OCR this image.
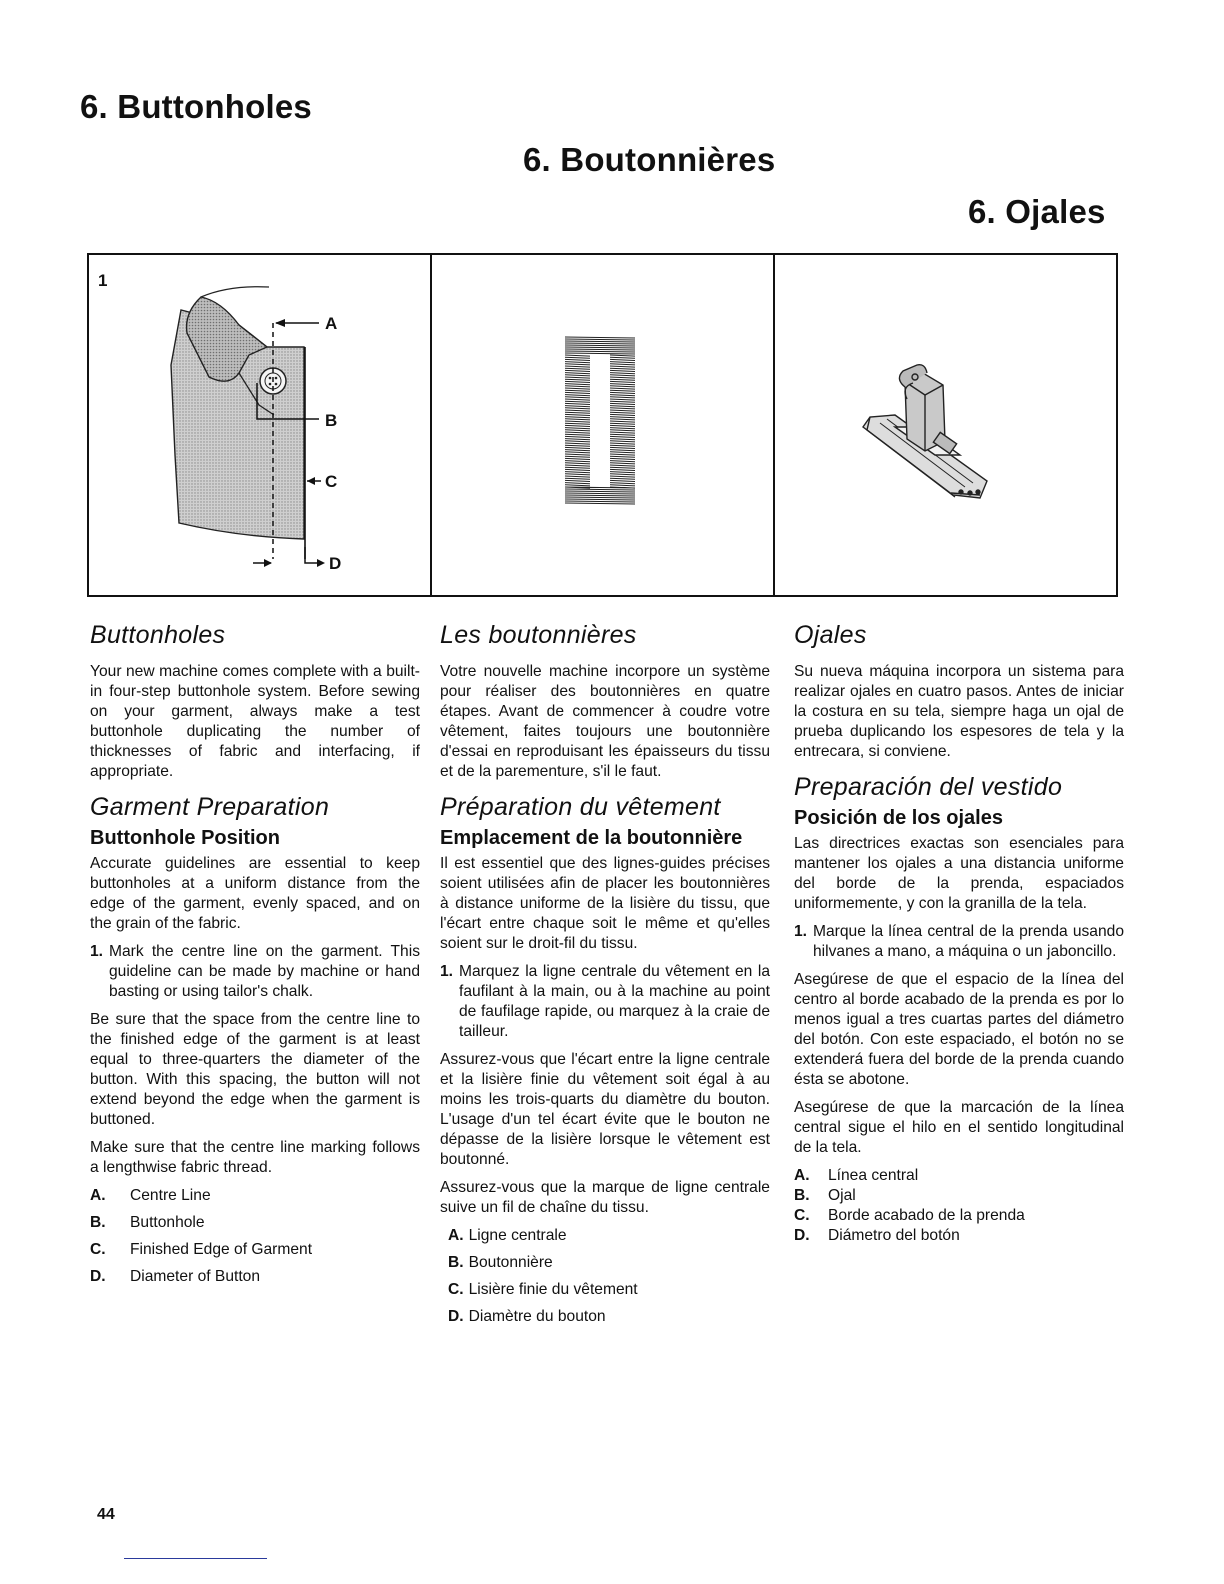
6. Buttonholes
6. Boutonnières
6. Ojales
1
A
B
C
D
Buttonholes

Your new machine comes complete with a built-in four-step buttonhole system. Before sewing on your garment, always make a test buttonhole duplicating the number of thicknesses of fabric and interfacing, if appropriate.

Garment Preparation
Buttonhole Position

Accurate guidelines are essential to keep buttonholes at a uniform distance from the edge of the garment, evenly spaced, and on the grain of the fabric.

1. Mark the centre line on the garment. This guideline can be made by machine or hand basting or using tailor's chalk.

Be sure that the space from the centre line to the finished edge of the garment is at least equal to three-quarters the diameter of the button. With this spacing, the button will not extend beyond the edge when the garment is buttoned.

Make sure that the centre line marking follows a lengthwise fabric thread.

A.	Centre Line
B.	Buttonhole
C.	Finished Edge of Garment
D.	Diameter of Button
Les boutonnières

Votre nouvelle machine incorpore un système pour réaliser des boutonnières en quatre étapes. Avant de commencer à coudre votre vêtement, faites toujours une boutonnière d'essai en reproduisant les épaisseurs du tissu et de la parementure, s'il le faut.

Préparation du vêtement
Emplacement de la boutonnière

Il est essentiel que des lignes-guides précises soient utilisées afin de placer les boutonnières à distance uniforme de la lisière du tissu, que l'écart entre chaque soit le même et qu'elles soient sur le droit-fil du tissu.

1. Marquez la ligne centrale du vêtement en la faufilant à la main, ou à la machine au point de faufilage rapide, ou marquez à la craie de tailleur.

Assurez-vous que l'écart entre la ligne centrale et la lisière finie du vêtement soit égal à au moins les trois-quarts du diamètre du bouton. L'usage d'un tel écart évite que le bouton ne dépasse de la lisière lorsque le vêtement est boutonné.

Assurez-vous que la marque de ligne centrale suive un fil de chaîne du tissu.

A. Ligne centrale
B. Boutonnière
C. Lisière finie du vêtement
D. Diamètre du bouton
Ojales

Su nueva máquina incorpora un sistema para realizar ojales en cuatro pasos. Antes de iniciar la costura en su tela, siempre haga un ojal de prueba duplicando los espesores de tela y la entrecara, si conviene.

Preparación del vestido
Posición de los ojales

Las directrices exactas son esenciales para mantener los ojales a una distancia uniforme del borde de la prenda, espaciados uniformemente, y con la granilla de la tela.

1. Marque la línea central de la prenda usando hilvanes a mano, a máquina o un jaboncillo.

Asegúrese de que el espacio de la línea del centro al borde acabado de la prenda es por lo menos igual a tres cuartas partes del diámetro del botón. Con este espaciado, el botón no se extenderá fuera del borde de la prenda cuando ésta se abotone.

Asegúrese de que la marcación de la línea central sigue el hilo en el sentido longitudinal de la tela.

A.	Línea central
B.	Ojal
C.	Borde acabado de la prenda
D.	Diámetro del botón
44
